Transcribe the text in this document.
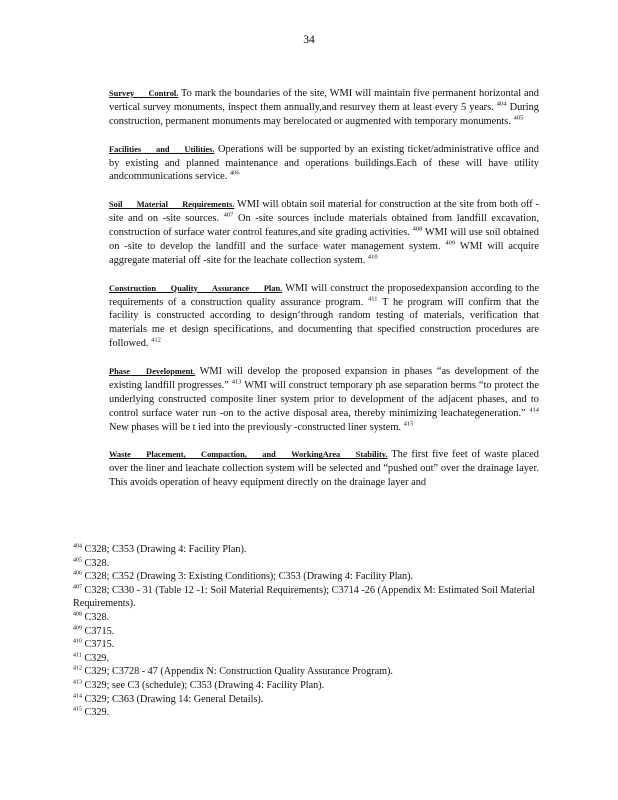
34

Survey Control. To mark the boundaries of the site, WMI will maintain five permanent horizontal and vertical survey monuments, inspect them annually,and resurvey them at least every 5 years. $^{404}$ During construction, permanent monuments may berelocated or augmented with temporary monuments. $^{405}$

Facilities and Utilities. Operations will be supported by an existing ticket/administrative office and by existing and planned maintenance and operations buildings.Each of these will have utility andcommunications service. $^{406}$

Soil Material Requirements. WMI will obtain soil material for construction at the site from both off -site and on -site sources. $^{407}$ On -site sources include materials obtained from landfill excavation, construction of surface water control features,and site grading activities. $^{408}$ WMI will use soil obtained on -site to develop the landfill and the surface water management system. $^{409}$ WMI will acquire aggregate material off -site for the leachate collection system. $^{410}$

Construction Quality Assurance Plan. WMI will construct the proposedexpansion according to the requirements of a construction quality assurance program. $^{411}$ T he program will confirm that the facility is constructed according to design‘through random testing of materials, verification that materials me et design specifications, and documenting that specified construction procedures are followed. $^{412}$

Phase Development. WMI will develop the proposed expansion in phases “as development of the existing landfill progresses.” $^{413}$ WMI will construct temporary ph ase separation berms “to protect the underlying constructed composite liner system prior to development of the adjacent phases, and to control surface water run -on to the active disposal area, thereby minimizing leachategeneration.” $^{414}$ New phases will be t ied into the previously -constructed liner system. $^{415}$

Waste Placement, Compaction, and WorkingArea Stability. The first five feet of waste placed over the liner and leachate collection system will be selected and “pushed out” over the drainage layer. This avoids operation of heavy equipment directly on the drainage layer and

$^{404}$ C328; C353 (Drawing 4: Facility Plan).

$^{405}$ C328.

$^{406}$ C328; C352 (Drawing 3: Existing Conditions); C353 (Drawing 4: Facility Plan).

$^{407}$ C328; C330 - 31 (Table 12 -1: Soil Material Requirements); C3714 -26 (Appendix M: Estimated Soil Material Requirements).

$^{408}$ C328.

$^{409}$ C3715.

$^{410}$ C3715.

$^{411}$ C329.

$^{412}$ C329; C3728 - 47 (Appendix N: Construction Quality Assurance Program).

$^{413}$ C329; see C3 (schedule); C353 (Drawing 4: Facility Plan).

$^{414}$ C329; C363 (Drawing 14: General Details).

$^{415}$ C329.
